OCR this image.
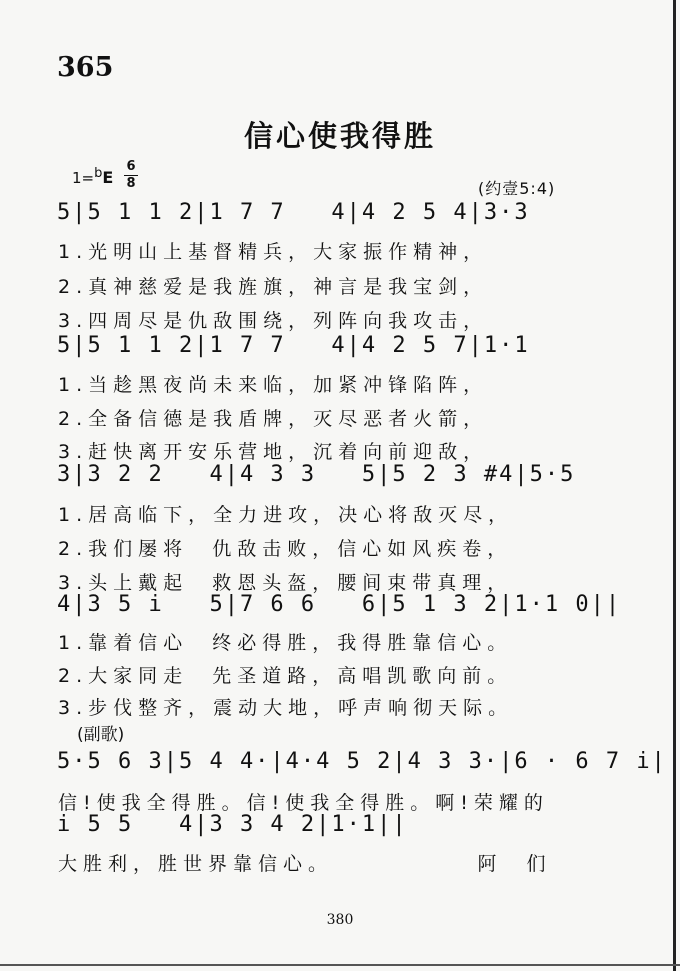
365
信心使我得胜
1=bE
6
8	(约壹5:4)
5|5 1 1 2|1 7 7   4|4 2 5 4|3·3
1.光明山上基督精兵，大家振作精神，
2.真神慈爱是我旌旗，神言是我宝剑，
3.四周尽是仇敌围绕，列阵向我攻击，
5|5 1 1 2|1 7 7   4|4 2 5 7|1·1
1.当趁黑夜尚未来临，加紧冲锋陷阵，
2.全备信德是我盾牌，灭尽恶者火箭，
3.赶快离开安乐营地，沉着向前迎敌，
3|3 2 2   4|4 3 3   5|5 2 3 #4|5·5
1.居高临下，全力进攻，决心将敌灭尽，
2.我们屡将  仇敌击败，信心如风疾卷，
3.头上戴起  救恩头盔，腰间束带真理，
4|3 5 i   5|7 6 6   6|5 1 3 2|1·1 0||
1.靠着信心  终必得胜，我得胜靠信心。
2.大家同走  先圣道路，高唱凯歌向前。
3.步伐整齐，震动大地，呼声响彻天际。
(副歌)
5·5 6 3|5 4 4·|4·4 5 2|4 3 3·|6 · 6 7 i|
信!使我全得胜。信!使我全得胜。啊!荣耀的
i 5 5   4|3 3 4 2|1·1||
大胜利，胜世界靠信心。            阿  们
380
